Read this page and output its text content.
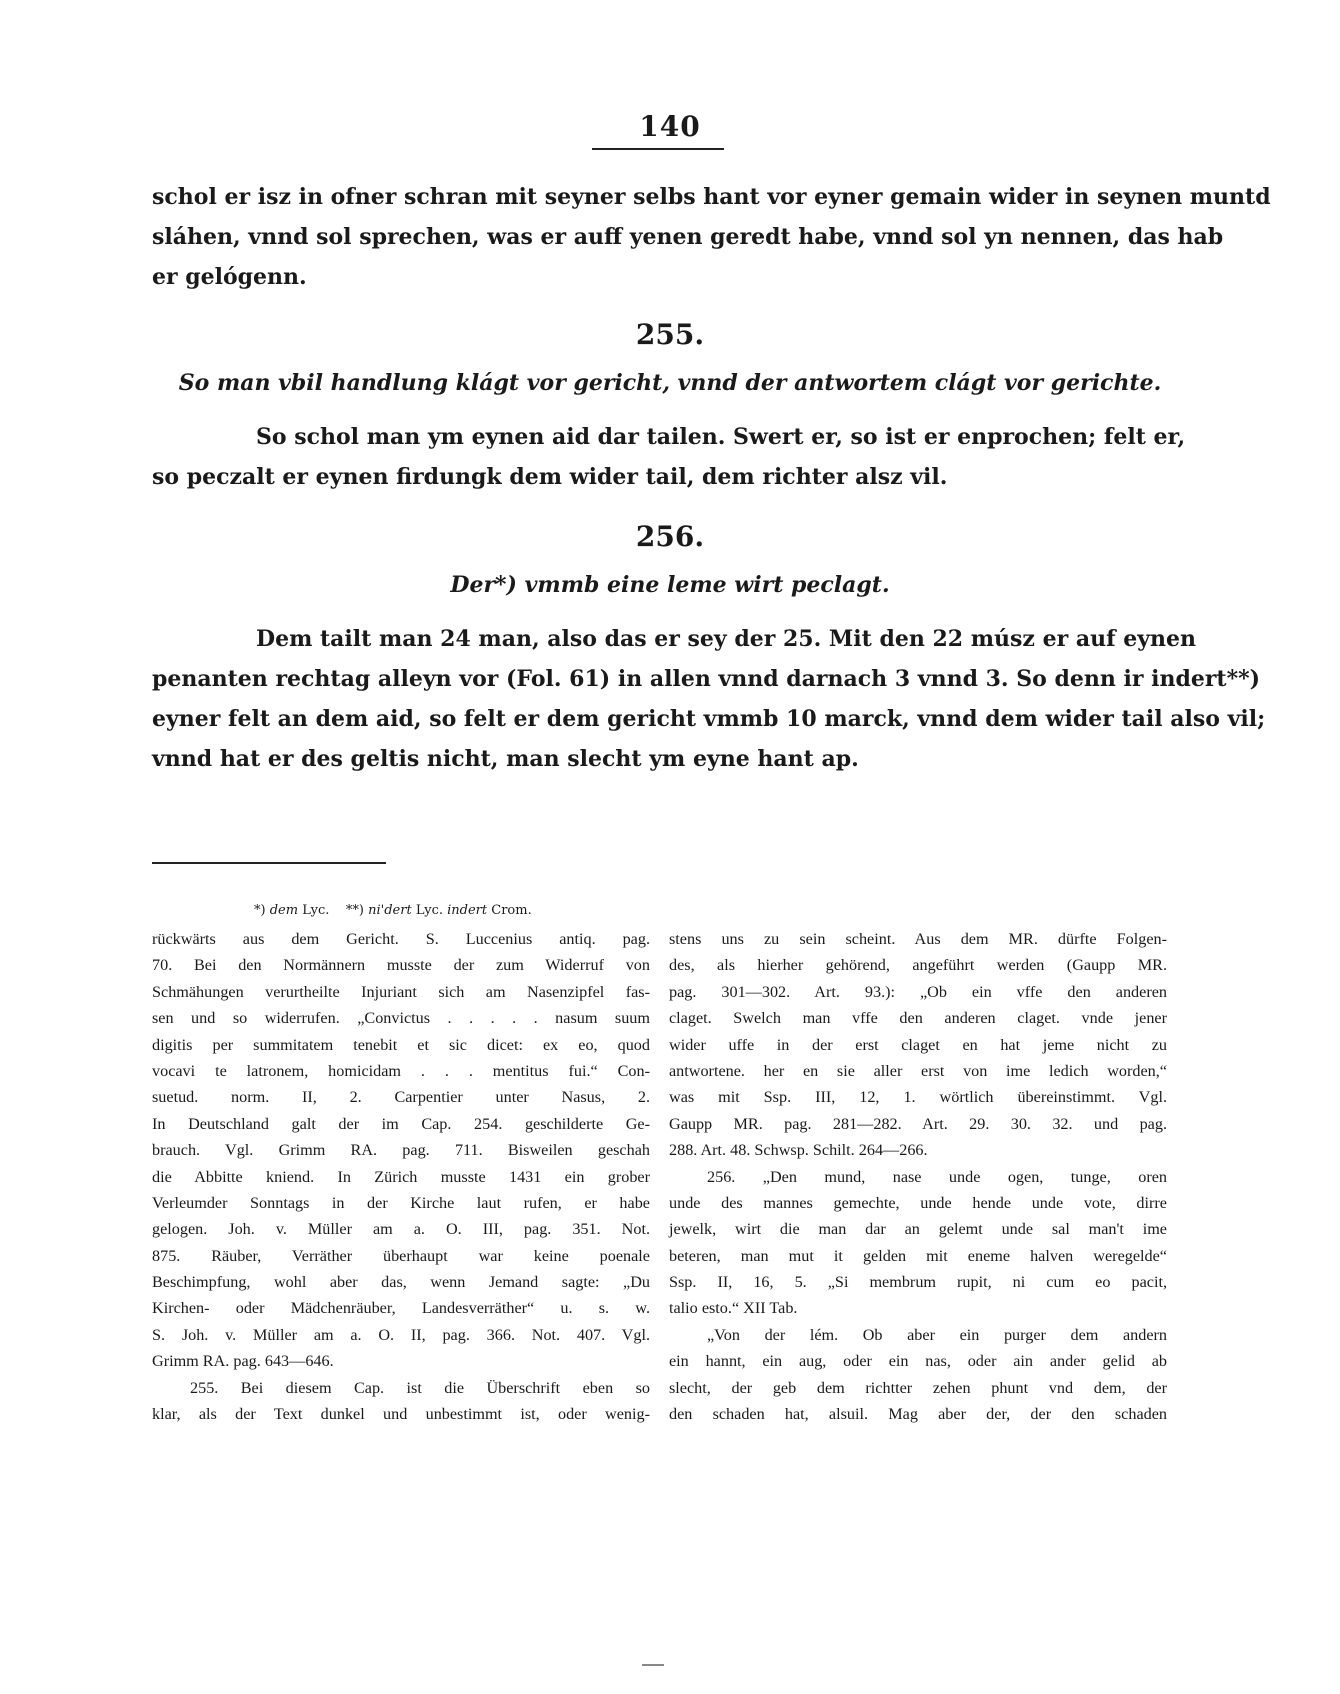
140
schol er isz in ofner schran mit seyner selbs hant vor eyner gemain wider in seynen muntd
sláhen, vnnd sol sprechen, was er auff yenen geredt habe, vnnd sol yn nennen, das hab
er gelógenn.
255.
So man vbil handlung klágt vor gericht, vnnd der antwortem clágt vor gerichte.
So schol man ym eynen aid dar tailen. Swert er, so ist er enprochen; felt er,
so peczalt er eynen firdungk dem wider tail, dem richter alsz vil.
256.
Der*) vmmb eine leme wirt peclagt.
Dem tailt man 24 man, also das er sey der 25. Mit den 22 músz er auf eynen
penanten rechtag alleyn vor (Fol. 61) in allen vnnd darnach 3 vnnd 3. So denn ir indert**)
eyner felt an dem aid, so felt er dem gericht vmmb 10 marck, vnnd dem wider tail also vil;
vnnd hat er des geltis nicht, man slecht ym eyne hant ap.
*) dem Lyc. **) ni'dert Lyc. indert Crom.
rückwärts aus dem Gericht. S. Luccenius antiq. pag.
70. Bei den Normännern musste der zum Widerruf von
Schmähungen verurtheilte Injuriant sich am Nasenzipfel fas-
sen und so widerrufen. „Convictus . . . . . nasum suum
digitis per summitatem tenebit et sic dicet: ex eo, quod
vocavi te latronem, homicidam . . . mentitus fui.“ Con-
suetud. norm. II, 2. Carpentier unter Nasus, 2.
In Deutschland galt der im Cap. 254. geschilderte Ge-
brauch. Vgl. Grimm RA. pag. 711. Bisweilen geschah
die Abbitte kniend. In Zürich musste 1431 ein grober
Verleumder Sonntags in der Kirche laut rufen, er habe
gelogen. Joh. v. Müller am a. O. III, pag. 351. Not.
875. Räuber, Verräther überhaupt war keine poenale
Beschimpfung, wohl aber das, wenn Jemand sagte: „Du
Kirchen- oder Mädchenräuber, Landesverräther“ u. s. w.
S. Joh. v. Müller am a. O. II, pag. 366. Not. 407. Vgl.
Grimm RA. pag. 643—646.
255. Bei diesem Cap. ist die Überschrift eben so
klar, als der Text dunkel und unbestimmt ist, oder wenig-
stens uns zu sein scheint. Aus dem MR. dürfte Folgen-
des, als hierher gehörend, angeführt werden (Gaupp MR.
pag. 301—302. Art. 93.): „Ob ein vffe den anderen
claget. Swelch man vffe den anderen claget. vnde jener
wider uffe in der erst claget en hat jeme nicht zu
antwortene. her en sie aller erst von ime ledich worden,“
was mit Ssp. III, 12, 1. wörtlich übereinstimmt. Vgl.
Gaupp MR. pag. 281—282. Art. 29. 30. 32. und pag.
288. Art. 48. Schwsp. Schilt. 264—266.
256. „Den mund, nase unde ogen, tunge, oren
unde des mannes gemechte, unde hende unde vote, dirre
jewelk, wirt die man dar an gelemt unde sal man't ime
beteren, man mut it gelden mit eneme halven weregelde“
Ssp. II, 16, 5. „Si membrum rupit, ni cum eo pacit,
talio esto.“ XII Tab.
„Von der lém. Ob aber ein purger dem andern
ein hannt, ein aug, oder ein nas, oder ain ander gelid ab
slecht, der geb dem richtter zehen phunt vnd dem, der
den schaden hat, alsuil. Mag aber der, der den schaden
